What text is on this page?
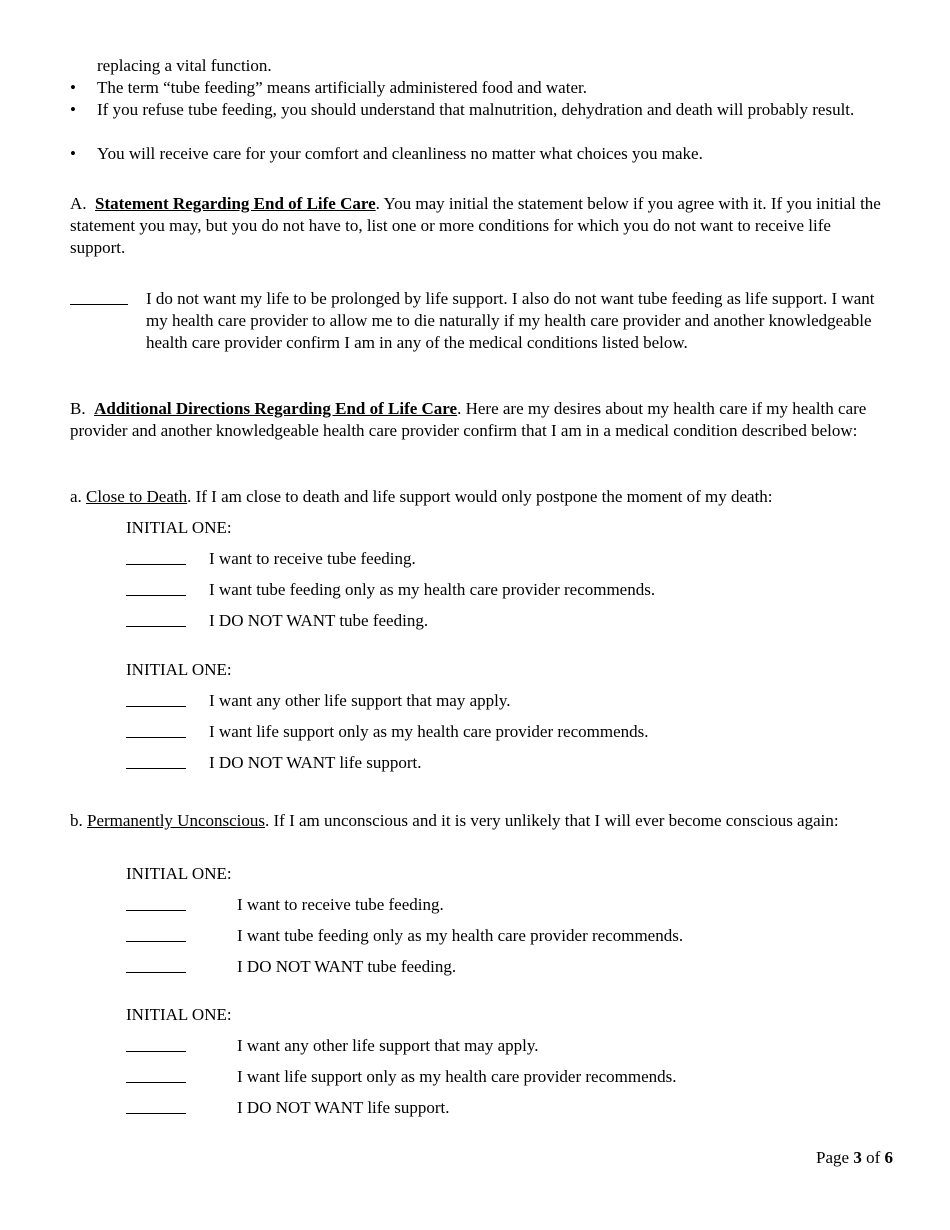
replacing a vital function.
• The term “tube feeding” means artificially administered food and water.
• If you refuse tube feeding, you should understand that malnutrition, dehydration and death will probably result.
• You will receive care for your comfort and cleanliness no matter what choices you make.
A. Statement Regarding End of Life Care. You may initial the statement below if you agree with it. If you initial the statement you may, but you do not have to, list one or more conditions for which you do not want to receive life support.
I do not want my life to be prolonged by life support. I also do not want tube feeding as life support. I want my health care provider to allow me to die naturally if my health care provider and another knowledgeable health care provider confirm I am in any of the medical conditions listed below.
B. Additional Directions Regarding End of Life Care. Here are my desires about my health care if my health care provider and another knowledgeable health care provider confirm that I am in a medical condition described below:
a. Close to Death. If I am close to death and life support would only postpone the moment of my death:
INITIAL ONE:
I want to receive tube feeding.
I want tube feeding only as my health care provider recommends.
I DO NOT WANT tube feeding.
INITIAL ONE:
I want any other life support that may apply.
I want life support only as my health care provider recommends.
I DO NOT WANT life support.
b. Permanently Unconscious. If I am unconscious and it is very unlikely that I will ever become conscious again:
INITIAL ONE:
I want to receive tube feeding.
I want tube feeding only as my health care provider recommends.
I DO NOT WANT tube feeding.
INITIAL ONE:
I want any other life support that may apply.
I want life support only as my health care provider recommends.
I DO NOT WANT life support.
Page 3 of 6
